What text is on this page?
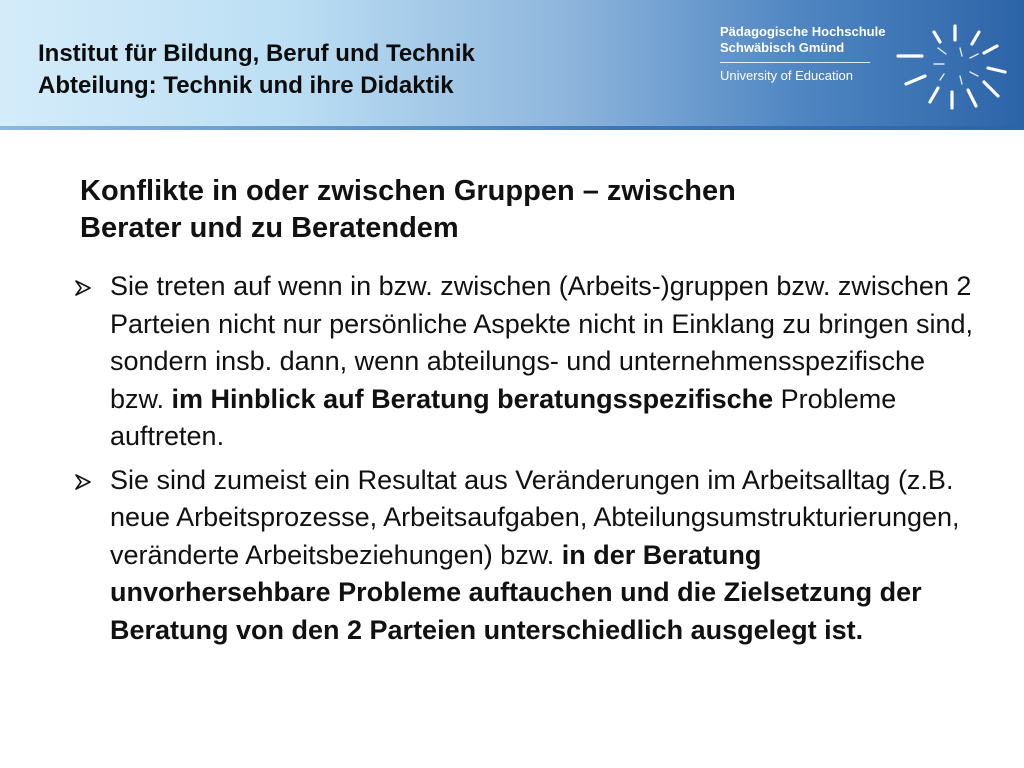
Institut für Bildung, Beruf und Technik
Abteilung: Technik und ihre Didaktik
Pädagogische Hochschule
Schwäbisch Gmünd
University of Education
Konflikte in oder zwischen Gruppen – zwischen
Berater und zu Beratendem
Sie treten auf wenn in bzw. zwischen (Arbeits-)gruppen bzw. zwischen 2 Parteien nicht nur persönliche Aspekte nicht in Einklang zu bringen sind, sondern insb. dann, wenn abteilungs- und unternehmensspezifische bzw. im Hinblick auf Beratung beratungsspezifische Probleme auftreten.
Sie sind zumeist ein Resultat aus Veränderungen im Arbeitsalltag (z.B. neue Arbeitsprozesse, Arbeitsaufgaben, Abteilungsumstrukturierungen, veränderte Arbeitsbeziehungen) bzw. in der Beratung unvorhersehbare Probleme auftauchen und die Zielsetzung der Beratung von den 2 Parteien unterschiedlich ausgelegt ist.
